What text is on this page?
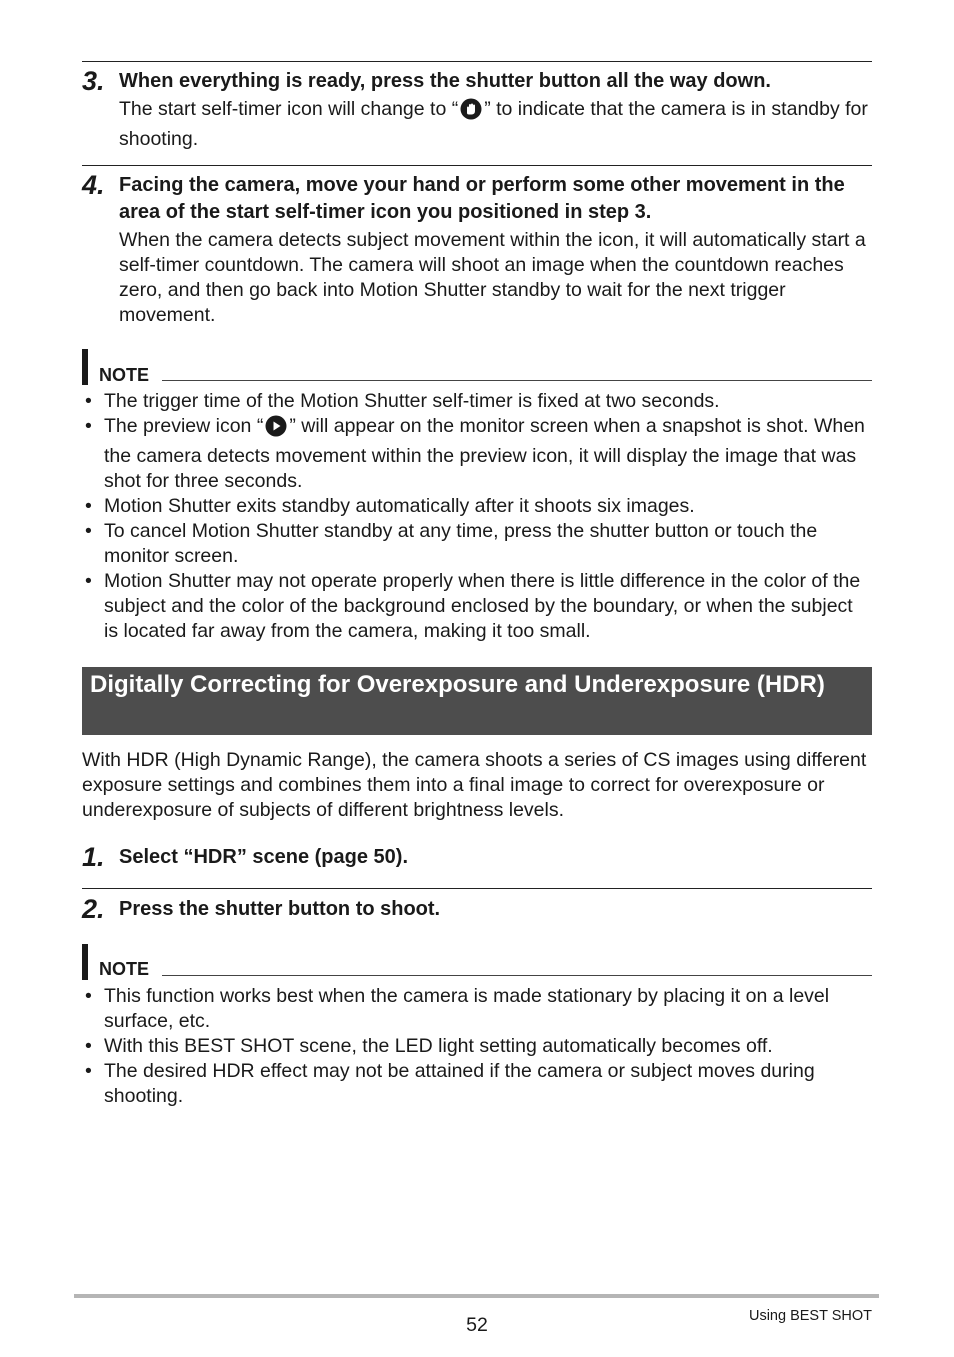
3. When everything is ready, press the shutter button all the way down.
The start self-timer icon will change to “ ” to indicate that the camera is in standby for shooting.
4. Facing the camera, move your hand or perform some other movement in the area of the start self-timer icon you positioned in step 3.
When the camera detects subject movement within the icon, it will automatically start a self-timer countdown. The camera will shoot an image when the countdown reaches zero, and then go back into Motion Shutter standby to wait for the next trigger movement.
NOTE
• The trigger time of the Motion Shutter self-timer is fixed at two seconds.
• The preview icon “ ” will appear on the monitor screen when a snapshot is shot. When the camera detects movement within the preview icon, it will display the image that was shot for three seconds.
• Motion Shutter exits standby automatically after it shoots six images.
• To cancel Motion Shutter standby at any time, press the shutter button or touch the monitor screen.
• Motion Shutter may not operate properly when there is little difference in the color of the subject and the color of the background enclosed by the boundary, or when the subject is located far away from the camera, making it too small.
Digitally Correcting for Overexposure and Underexposure (HDR)
With HDR (High Dynamic Range), the camera shoots a series of CS images using different exposure settings and combines them into a final image to correct for overexposure or underexposure of subjects of different brightness levels.
1. Select “HDR” scene (page 50).
2. Press the shutter button to shoot.
NOTE
• This function works best when the camera is made stationary by placing it on a level surface, etc.
• With this BEST SHOT scene, the LED light setting automatically becomes off.
• The desired HDR effect may not be attained if the camera or subject moves during shooting.
52	Using BEST SHOT
